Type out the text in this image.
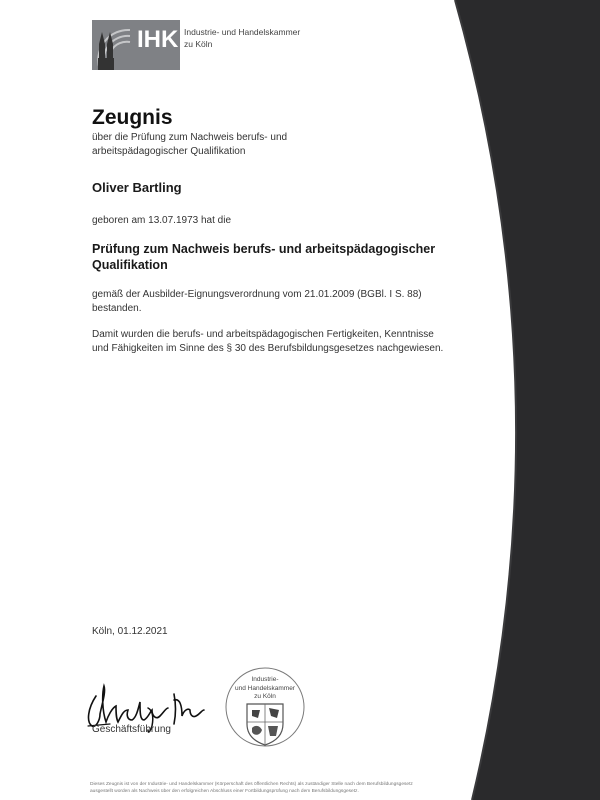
IHK Industrie- und Handelskammer
zu Köln
Zeugnis
über die Prüfung zum Nachweis berufs- und
arbeitspädagogischer Qualifikation
Oliver Bartling
geboren am 13.07.1973 hat die
Prüfung zum Nachweis berufs- und arbeitspädagogischer
Qualifikation
gemäß der Ausbilder-Eignungsverordnung vom 21.01.2009 (BGBl. I S. 88)
bestanden.
Damit wurden die berufs- und arbeitspädagogischen Fertigkeiten, Kenntnisse
und Fähigkeiten im Sinne des § 30 des Berufsbildungsgesetzes nachgewiesen.
Köln, 01.12.2021
Geschäftsführung
Industrie-
und Handelskammer
zu Köln
Dieses Zeugnis ist von der Industrie- und Handelskammer (Körperschaft des öffentlichen Rechts) als zuständiger Stelle nach dem Berufsbildungsgesetz
ausgestellt worden als Nachweis über den erfolgreichen Abschluss einer Fortbildungsprüfung nach dem Berufsbildungsgesetz.
